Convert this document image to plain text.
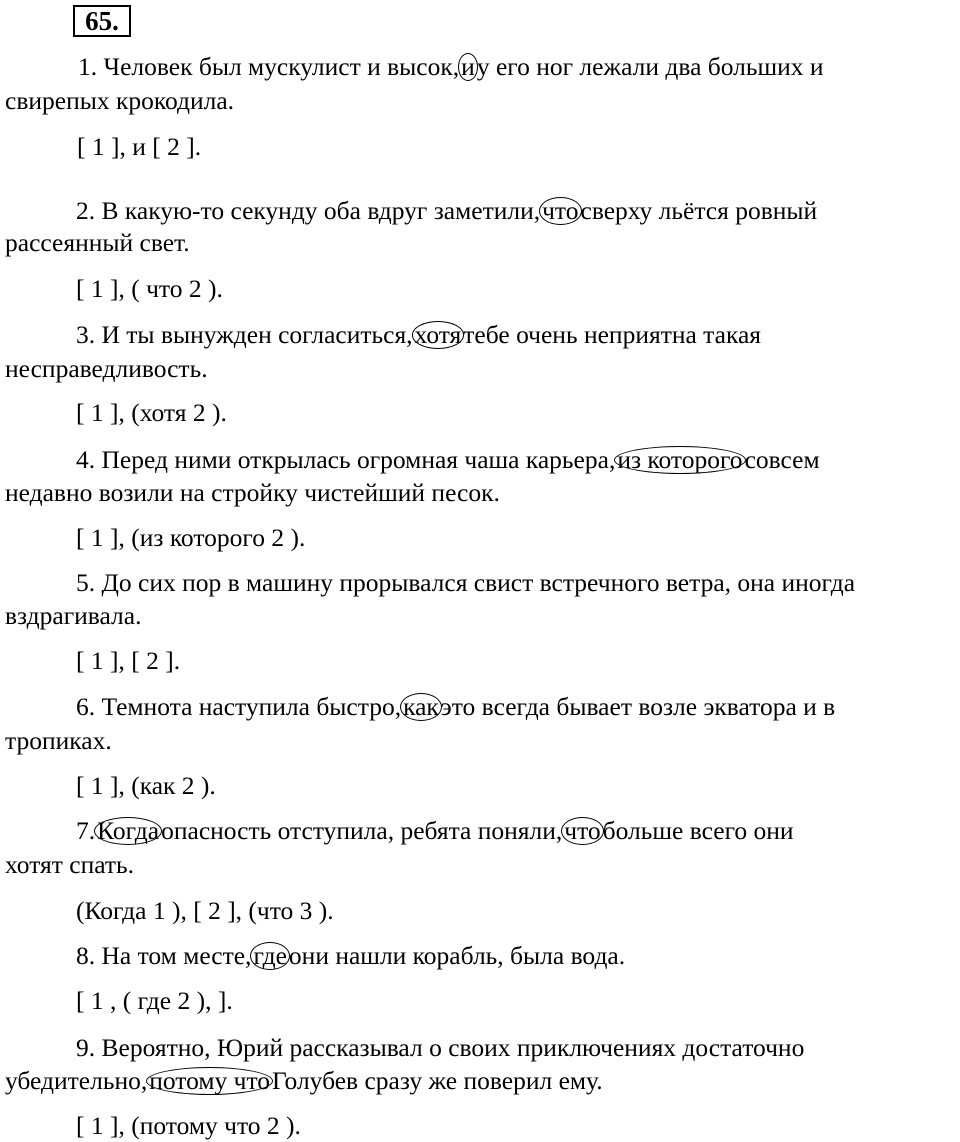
65.
1. Человек был мускулист и высок,иу его ног лежали два больших и
свирепых крокодила.
[ 1 ], и [ 2 ].
2. В какую-то секунду оба вдруг заметили,чтосверху льётся ровный
рассеянный свет.
[ 1 ], ( что 2 ).
3. И ты вынужден согласиться,хотятебе очень неприятна такая
несправедливость.
[ 1 ], (хотя 2 ).
4. Перед ними открылась огромная чаша карьера,из которогосовсем
недавно возили на стройку чистейший песок.
[ 1 ], (из которого 2 ).
5. До сих пор в машину прорывался свист встречного ветра, она иногда
вздрагивала.
[ 1 ], [ 2 ].
6. Темнота наступила быстро,какэто всегда бывает возле экватора и в
тропиках.
[ 1 ], (как 2 ).
7.Когдаопасность отступила, ребята поняли,чтобольше всего они
хотят спать.
(Когда 1 ), [ 2 ], (что 3 ).
8. На том месте,гдеони нашли корабль, была вода.
[ 1 , ( где 2 ), ].
9. Вероятно, Юрий рассказывал о своих приключениях достаточно
убедительно,потому чтоГолубев сразу же поверил ему.
[ 1 ], (потому что 2 ).
